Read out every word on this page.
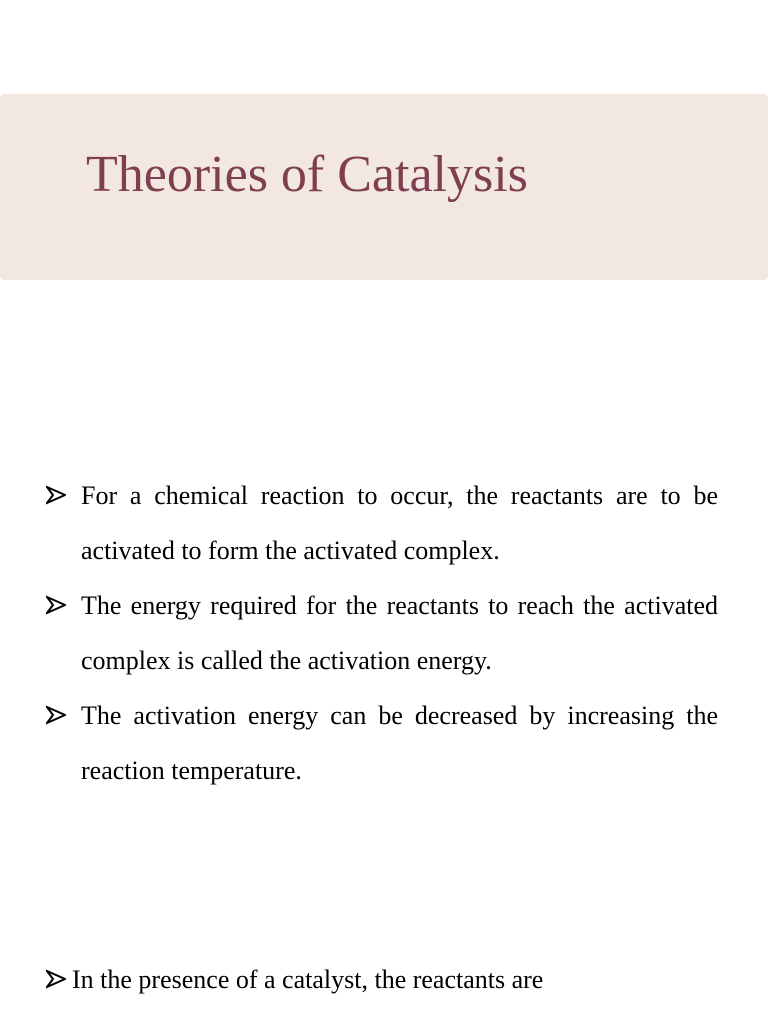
Theories of Catalysis
For a chemical reaction to occur, the reactants are to be activated to form the activated complex.
The energy required for the reactants to reach the activated complex is called the activation energy.
The activation energy can be decreased by increasing the reaction temperature.

In the presence of a catalyst, the reactants are
